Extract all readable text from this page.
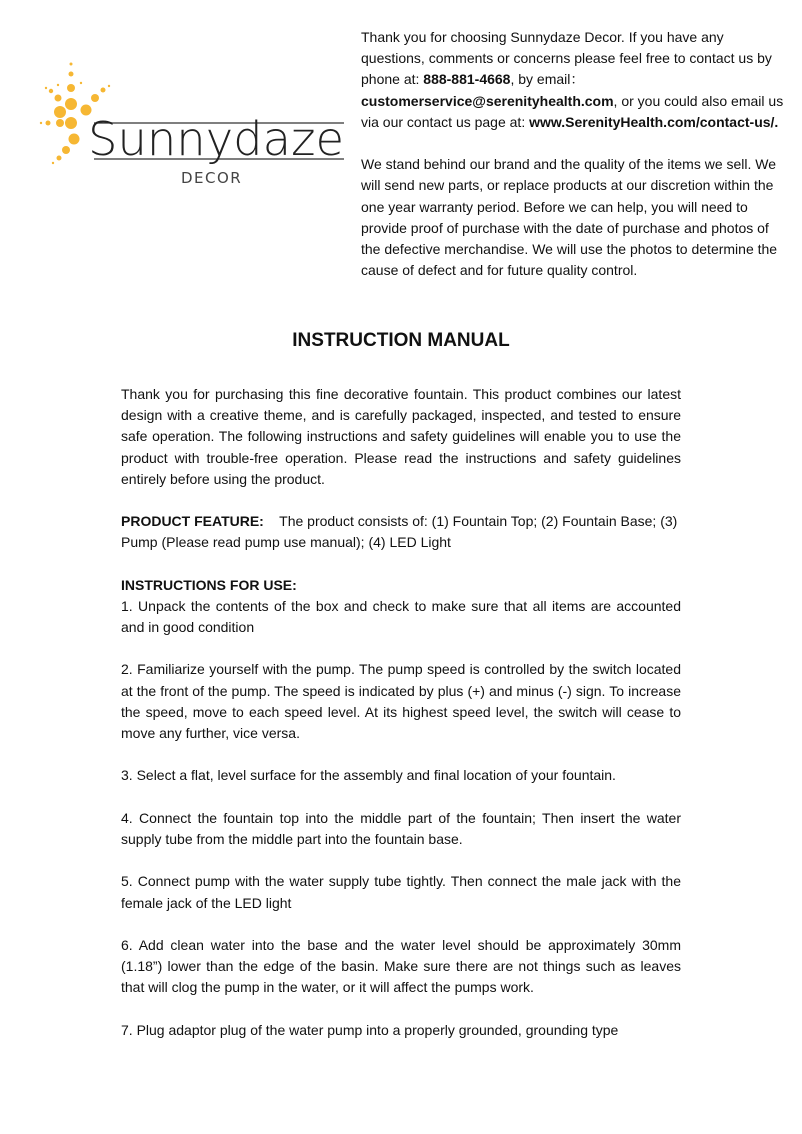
Sunnydaze
DECOR
Thank you for choosing Sunnydaze Decor. If you have any
questions, comments or concerns please feel free to contact us by
phone at: 888-881-4668, by email：
customerservice@serenityhealth.com, or you could also email us
via our contact us page at: www.SerenityHealth.com/contact-us/.
We stand behind our brand and the quality of the items we sell. We
will send new parts, or replace products at our discretion within the
one year warranty period. Before we can help, you will need to
provide proof of purchase with the date of purchase and photos of
the defective merchandise. We will use the photos to determine the
cause of defect and for future quality control.
INSTRUCTION MANUAL
Thank you for purchasing this fine decorative fountain. This product combines our latest
design with a creative theme, and is carefully packaged, inspected, and tested to ensure
safe operation. The following instructions and safety guidelines will enable you to use the
product with trouble-free operation. Please read the instructions and safety guidelines
entirely before using the product.
PRODUCT FEATURE:    The product consists of: (1) Fountain Top; (2) Fountain Base; (3)
Pump (Please read pump use manual); (4) LED Light
INSTRUCTIONS FOR USE:
1. Unpack the contents of the box and check to make sure that all items are accounted
and in good condition
2. Familiarize yourself with the pump. The pump speed is controlled by the switch located
at the front of the pump. The speed is indicated by plus (+) and minus (-) sign. To increase
the speed, move to each speed level. At its highest speed level, the switch will cease to
move any further, vice versa.
3. Select a flat, level surface for the assembly and final location of your fountain.
4. Connect the fountain top into the middle part of the fountain; Then insert the water
supply tube from the middle part into the fountain base.
5. Connect pump with the water supply tube tightly. Then connect the male jack with the
female jack of the LED light
6. Add clean water into the base and the water level should be approximately 30mm
(1.18”) lower than the edge of the basin. Make sure there are not things such as leaves
that will clog the pump in the water, or it will affect the pumps work.
7. Plug adaptor plug of the water pump into a properly grounded, grounding type
